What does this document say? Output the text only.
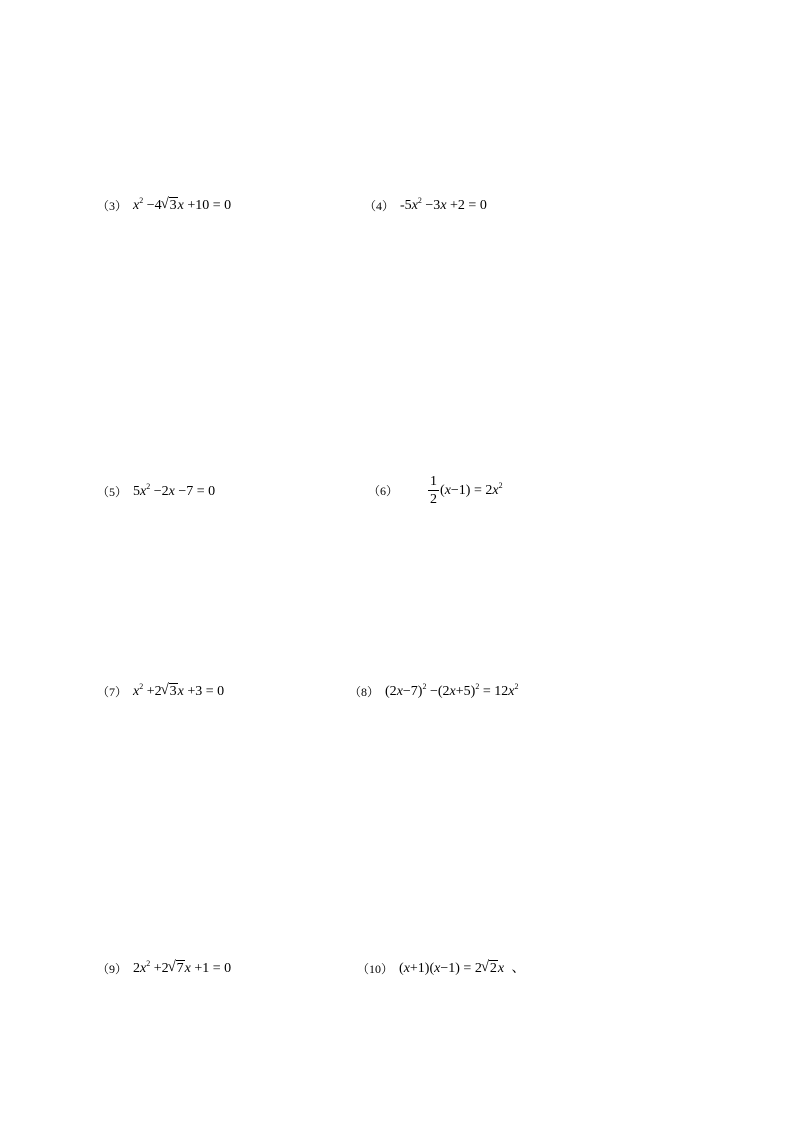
（3） $x^2 -4√$ 3x +10 = 0	（4） $-5x^2 -3x +2 = 0$
（5） $5x^2 -2x -7 = 0$	$(6) \frac{1}{2} (x-1) = 2x^2$
（7） $x^2 +2√$ 3x +3 = 0	（8） $(2x-7)^2 -(2x+5)^2 = 12x^2$
（9） $2x^2 +2√$ 7x +1 = 0	（10） (x+1)(x−1) = 2√ 2x 、
